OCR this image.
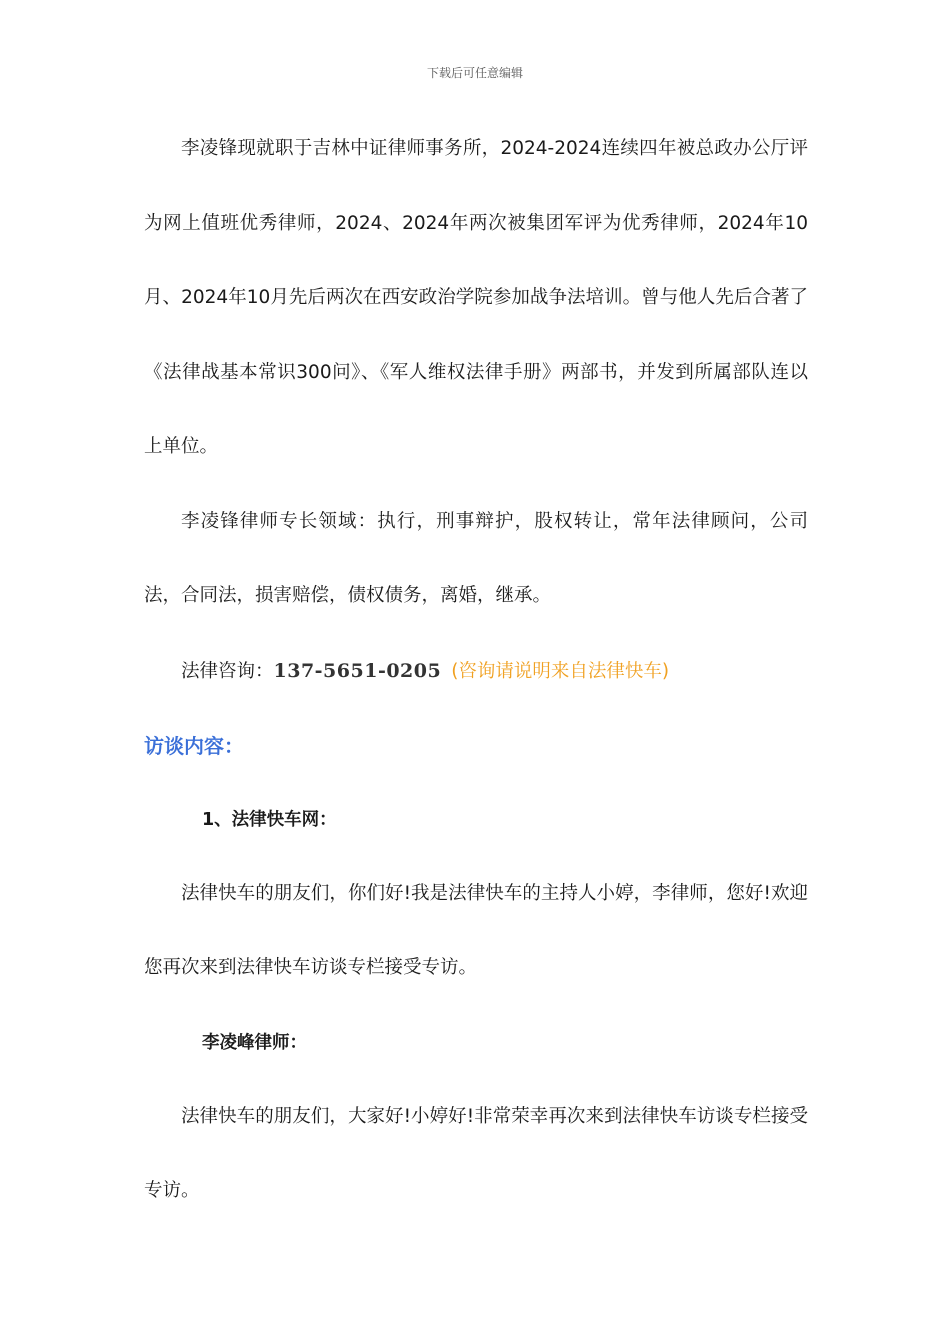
下载后可任意编辑

李凌锋现就职于吉林中证律师事务所，2024-2024连续四年被总政办公厅评为网上值班优秀律师，2024、2024年两次被集团军评为优秀律师，2024年10月、2024年10月先后两次在西安政治学院参加战争法培训。曾与他人先后合著了《法律战基本常识300问》、《军人维权法律手册》两部书，并发到所属部队连以上单位。

李凌锋律师专长领域：执行，刑事辩护，股权转让，常年法律顾问，公司法，合同法，损害赔偿，债权债务，离婚，继承。

法律咨询：137-5651-0205 (咨询请说明来自法律快车)

访谈内容：

1、法律快车网：

法律快车的朋友们，你们好!我是法律快车的主持人小婷，李律师，您好!欢迎您再次来到法律快车访谈专栏接受专访。

李凌峰律师：

法律快车的朋友们，大家好!小婷好!非常荣幸再次来到法律快车访谈专栏接受专访。
